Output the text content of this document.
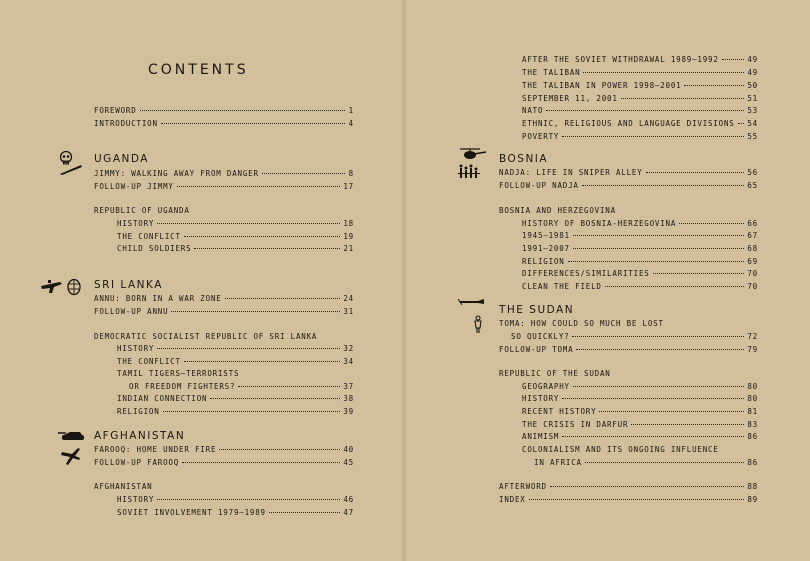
CONTENTS
FOREWORD	1
INTRODUCTION	4
UGANDA
JIMMY: WALKING AWAY FROM DANGER	8
FOLLOW-UP JIMMY	17
REPUBLIC OF UGANDA
HISTORY	18
THE CONFLICT	19
CHILD SOLDIERS	21
SRI LANKA
ANNU: BORN IN A WAR ZONE	24
FOLLOW-UP ANNU	31
DEMOCRATIC SOCIALIST REPUBLIC OF SRI LANKA
HISTORY	32
THE CONFLICT	34
TAMIL TIGERS—TERRORISTS
OR FREEDOM FIGHTERS?	37
INDIAN CONNECTION	38
RELIGION	39
AFGHANISTAN
FAROOQ: HOME UNDER FIRE	40
FOLLOW-UP FAROOQ	45
AFGHANISTAN
HISTORY	46
SOVIET INVOLVEMENT 1979–1989	47
AFTER THE SOVIET WITHDRAWAL 1989–1992	49
THE TALIBAN	49
THE TALIBAN IN POWER 1998–2001	50
SEPTEMBER 11, 2001	51
NATO	53
ETHNIC, RELIGIOUS AND LANGUAGE DIVISIONS 54
POVERTY	55
BOSNIA
NADJA: LIFE IN SNIPER ALLEY	56
FOLLOW-UP NADJA	65
BOSNIA AND HERZEGOVINA
HISTORY OF BOSNIA-HERZEGOVINA	66
1945–1981	67
1991–2007	68
RELIGION	69
DIFFERENCES/SIMILARITIES	70
CLEAN THE FIELD	70
THE SUDAN
TOMA: HOW COULD SO MUCH BE LOST
SO QUICKLY?	72
FOLLOW-UP TOMA	79
REPUBLIC OF THE SUDAN
GEOGRAPHY	80
HISTORY	80
RECENT HISTORY	81
THE CRISIS IN DARFUR	83
ANIMISM	86
COLONIALISM AND ITS ONGOING INFLUENCE
IN AFRICA	86
AFTERWORD	88
INDEX	89
